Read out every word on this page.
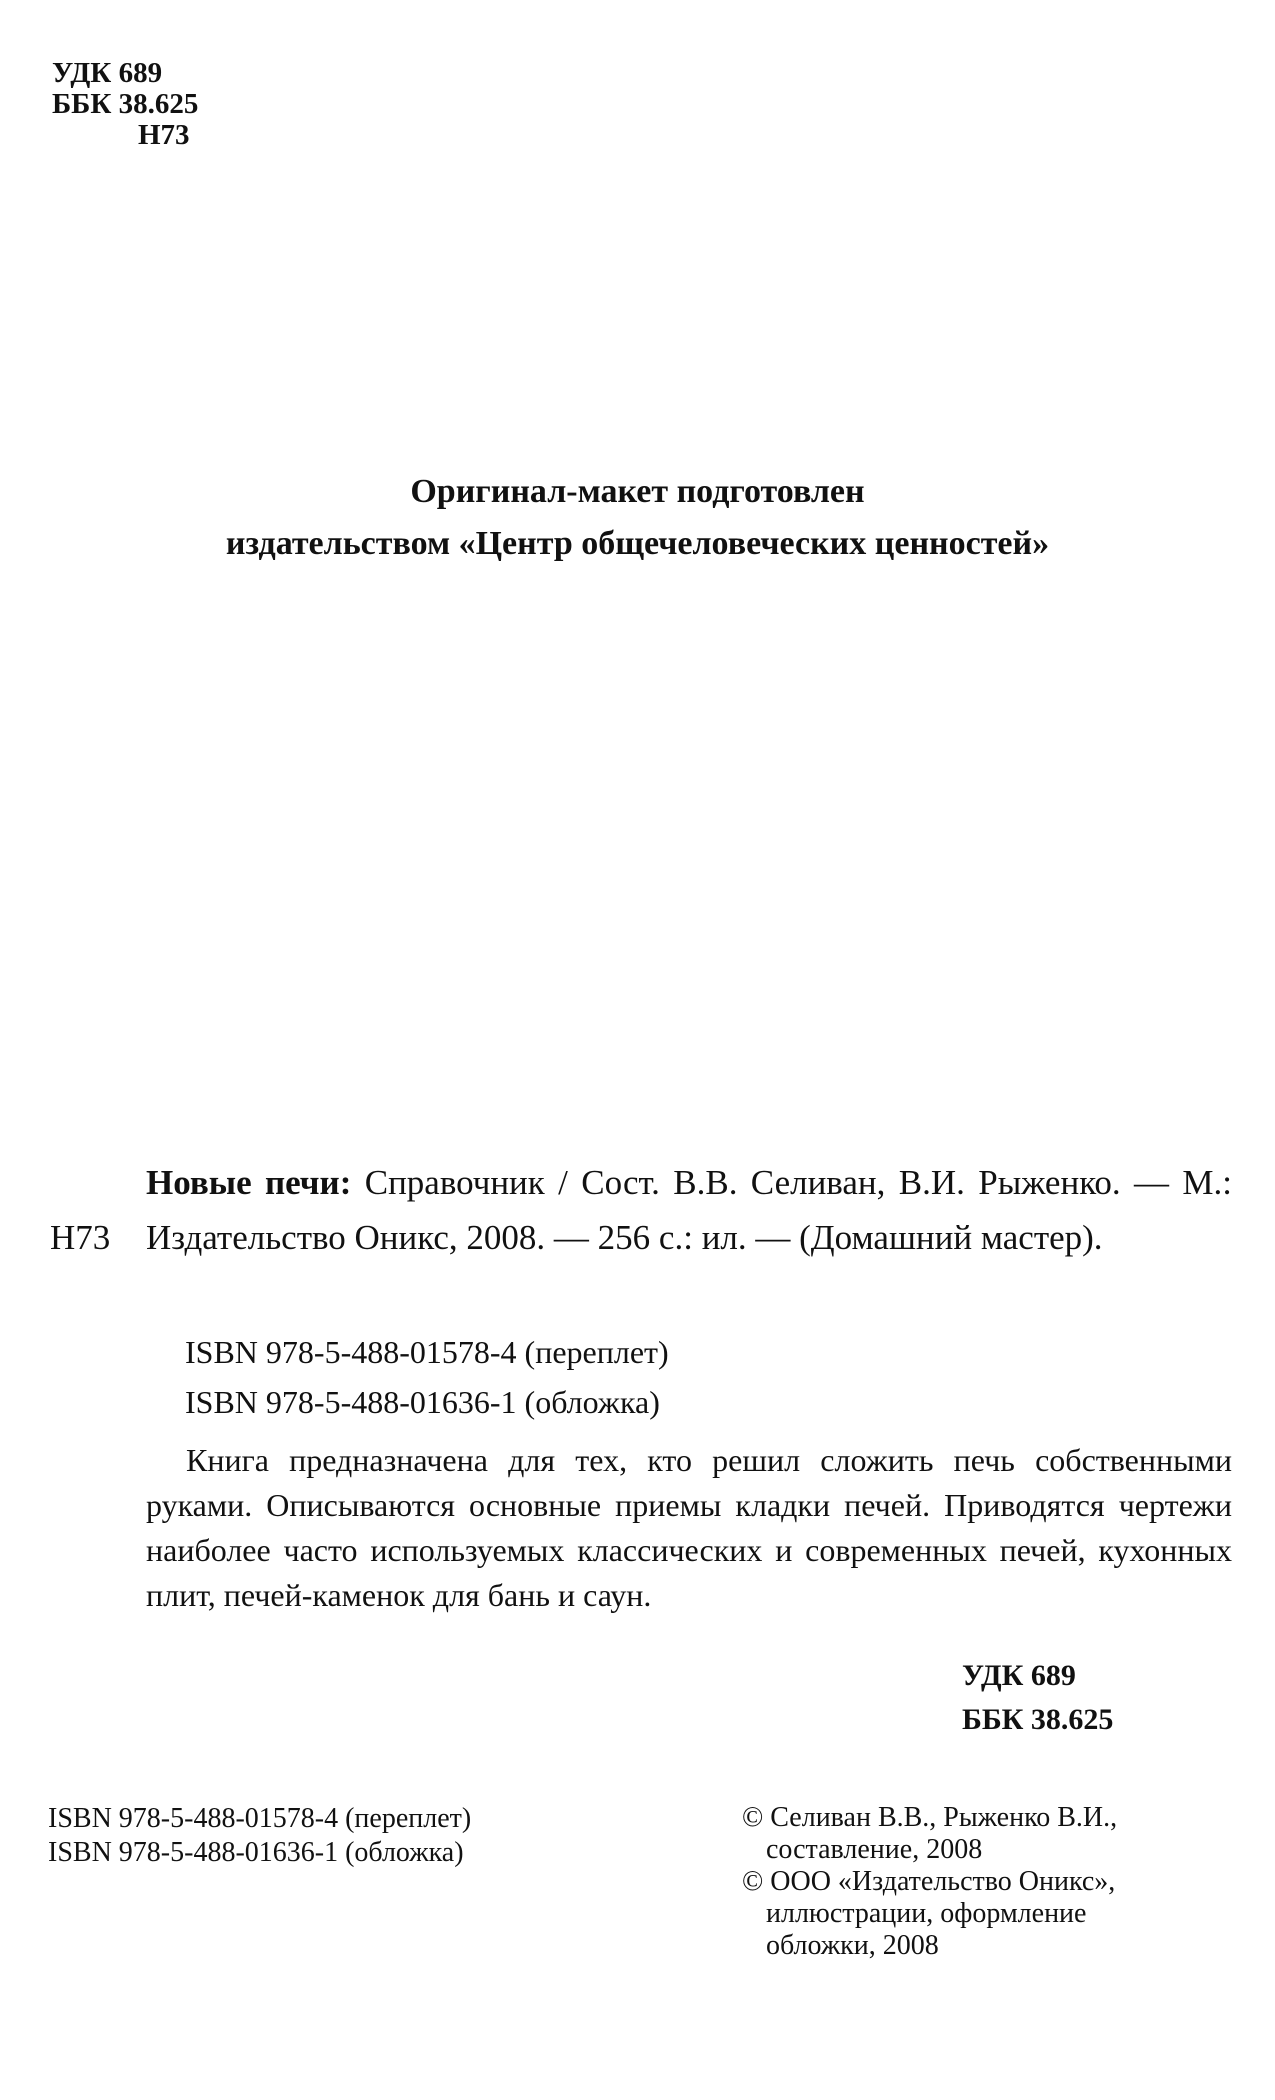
УДК 689
ББК 38.625
Н73
Оригинал-макет подготовлен
издательством «Центр общечеловеческих ценностей»
Н73
Новые печи: Справочник / Сост. В.В. Селиван, В.И. Рыженко. — М.: Издательство Оникс, 2008. — 256 с.: ил. — (Домашний мастер).
ISBN 978-5-488-01578-4 (переплет)
ISBN 978-5-488-01636-1 (обложка)
Книга предназначена для тех, кто решил сложить печь собственными руками. Описываются основные приемы кладки печей. Приводятся чертежи наиболее часто используемых классических и современных печей, кухонных плит, печей-каменок для бань и саун.
УДК 689
ББК 38.625
ISBN 978-5-488-01578-4 (переплет)
ISBN 978-5-488-01636-1 (обложка)
© Селиван В.В., Рыженко В.И.,
составление, 2008
© ООО «Издательство Оникс»,
иллюстрации, оформление
обложки, 2008
